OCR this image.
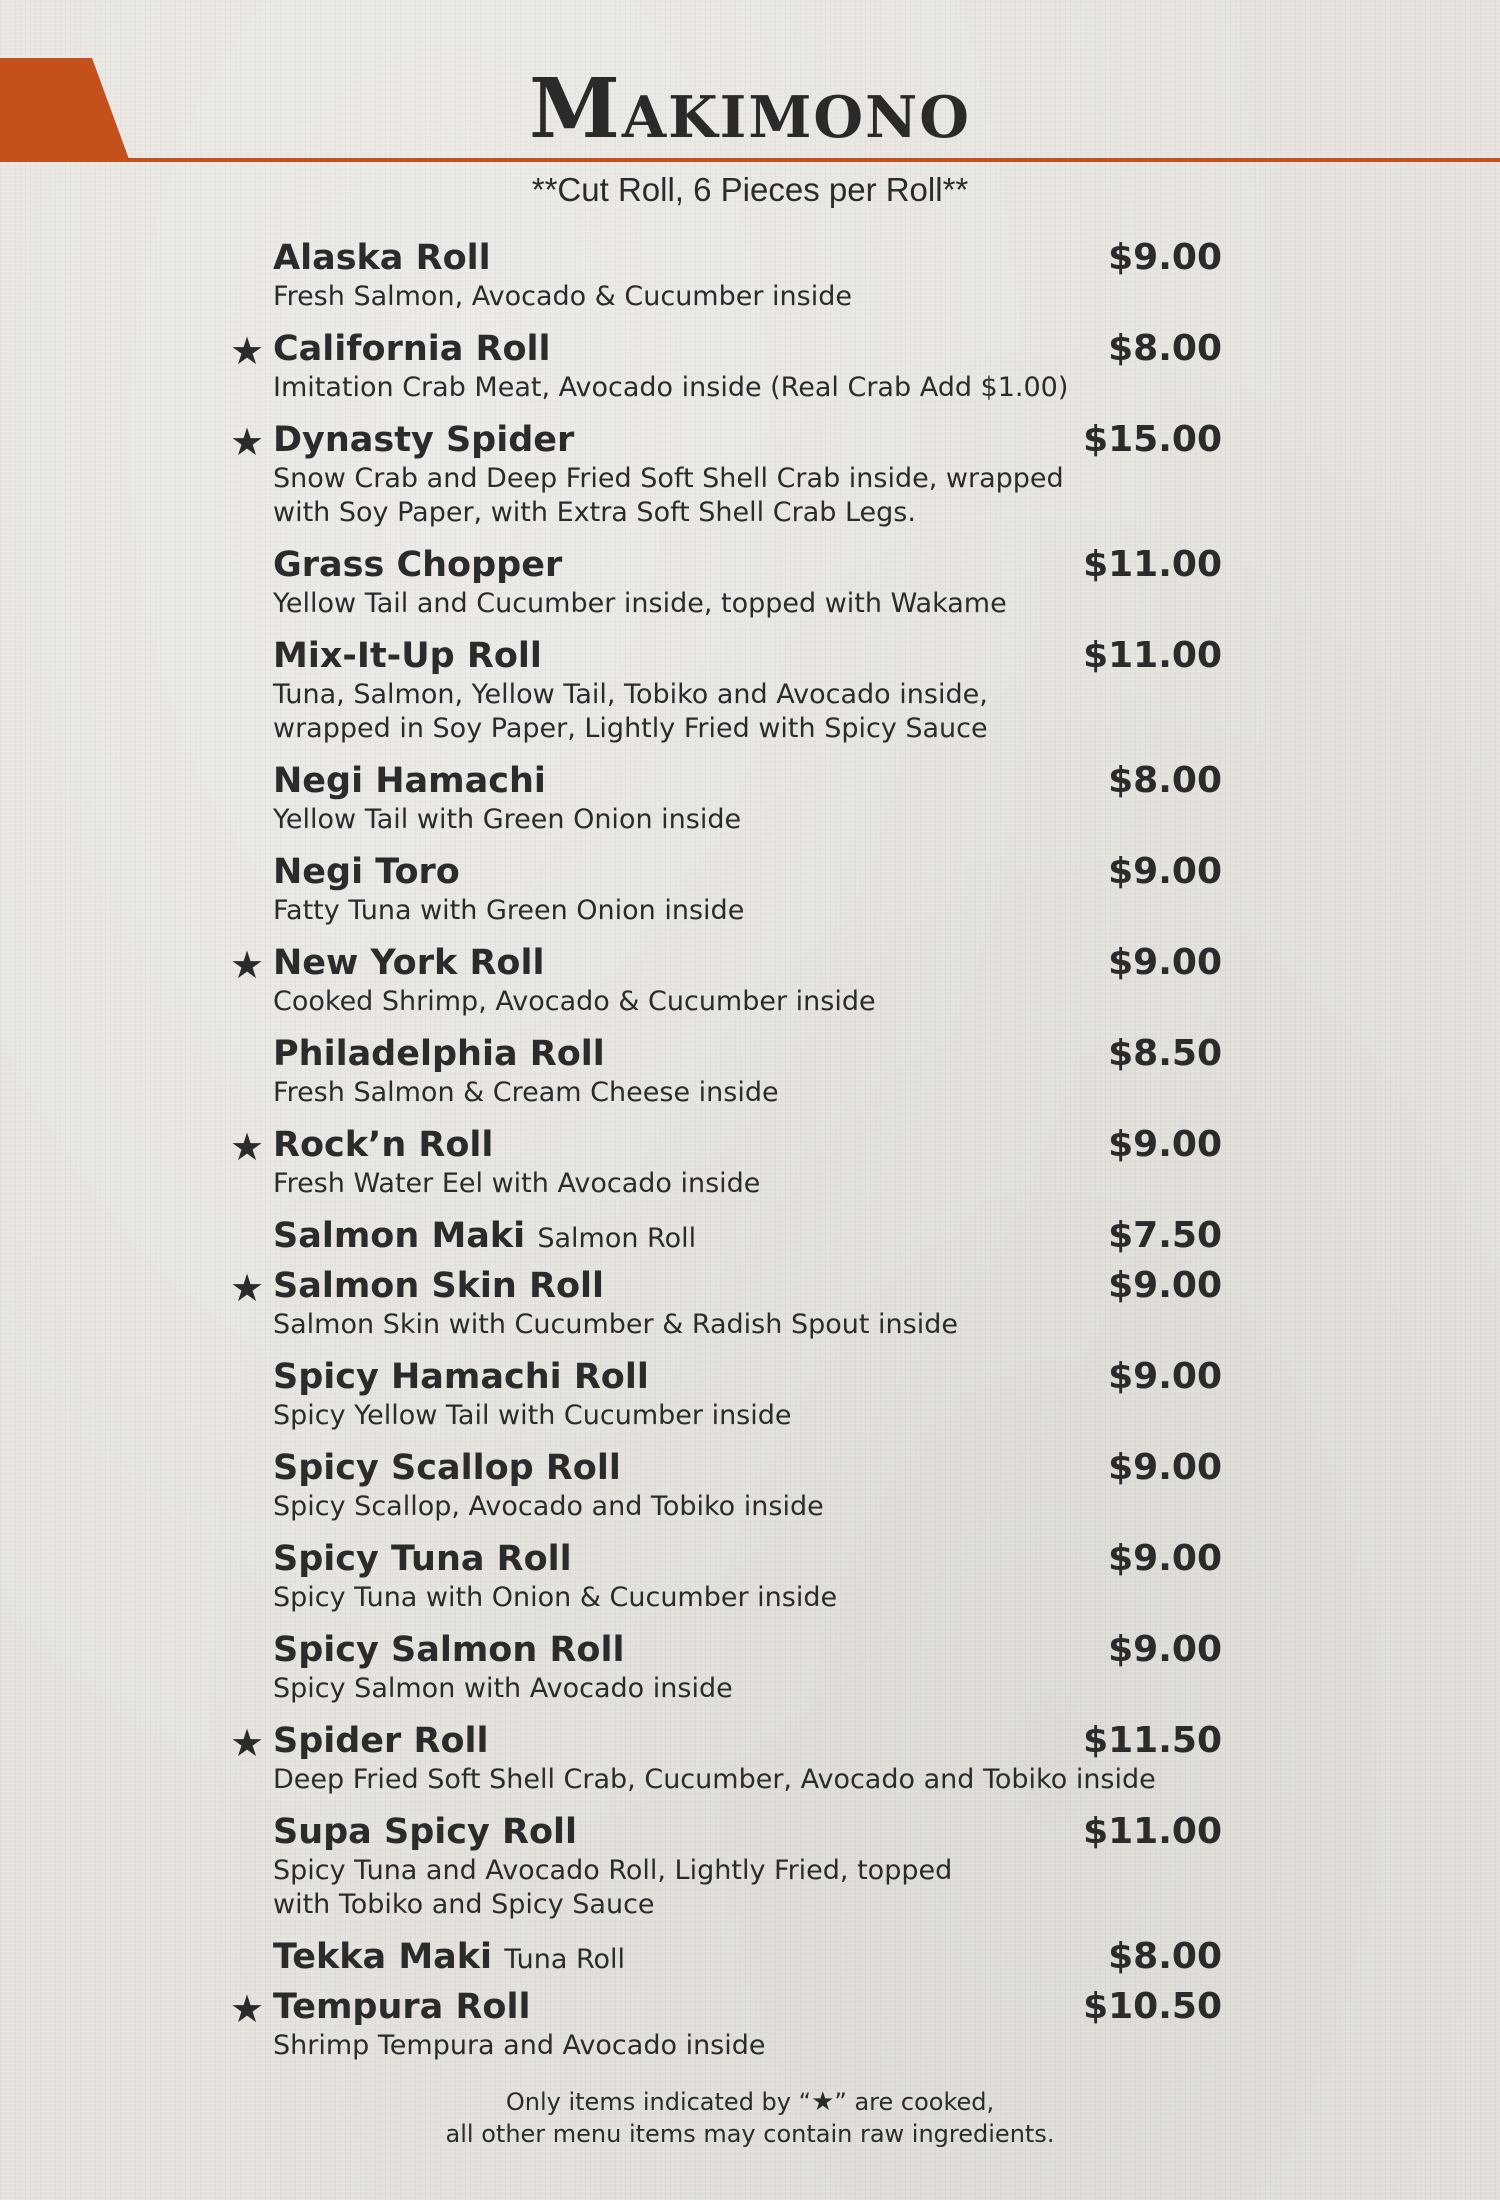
Makimono
**Cut Roll, 6 Pieces per Roll**
Alaska Roll	$9.00
Fresh Salmon, Avocado & Cucumber inside
★ California Roll	$8.00
Imitation Crab Meat, Avocado inside (Real Crab Add $1.00)
★ Dynasty Spider	$15.00
Snow Crab and Deep Fried Soft Shell Crab inside, wrapped
with Soy Paper, with Extra Soft Shell Crab Legs.
Grass Chopper	$11.00
Yellow Tail and Cucumber inside, topped with Wakame
Mix-It-Up Roll	$11.00
Tuna, Salmon, Yellow Tail, Tobiko and Avocado inside,
wrapped in Soy Paper, Lightly Fried with Spicy Sauce
Negi Hamachi	$8.00
Yellow Tail with Green Onion inside
Negi Toro	$9.00
Fatty Tuna with Green Onion inside
★ New York Roll	$9.00
Cooked Shrimp, Avocado & Cucumber inside
Philadelphia Roll	$8.50
Fresh Salmon & Cream Cheese inside
★ Rock’n Roll	$9.00
Fresh Water Eel with Avocado inside
Salmon Maki Salmon Roll	$7.50
★ Salmon Skin Roll	$9.00
Salmon Skin with Cucumber & Radish Spout inside
Spicy Hamachi Roll	$9.00
Spicy Yellow Tail with Cucumber inside
Spicy Scallop Roll	$9.00
Spicy Scallop, Avocado and Tobiko inside
Spicy Tuna Roll	$9.00
Spicy Tuna with Onion & Cucumber inside
Spicy Salmon Roll	$9.00
Spicy Salmon with Avocado inside
★ Spider Roll	$11.50
Deep Fried Soft Shell Crab, Cucumber, Avocado and Tobiko inside
Supa Spicy Roll	$11.00
Spicy Tuna and Avocado Roll, Lightly Fried, topped
with Tobiko and Spicy Sauce
Tekka Maki Tuna Roll	$8.00
★ Tempura Roll	$10.50
Shrimp Tempura and Avocado inside
Only items indicated by “★” are cooked,
all other menu items may contain raw ingredients.
